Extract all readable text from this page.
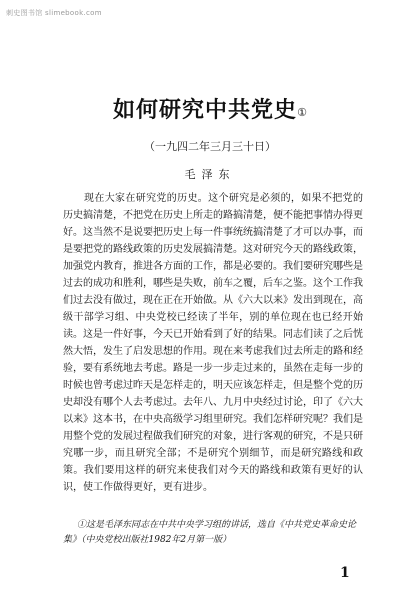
刺史图书馆 slimebook.com
如何研究中共党史①
（一九四二年三月三十日）
毛泽东

现在大家在研究党的历史。这个研究是必须的，如果不把党的历史搞清楚，不把党在历史上所走的路搞清楚，便不能把事情办得更好。这当然不是说要把历史上每一件事统统搞清楚了才可以办事，而是要把党的路线政策的历史发展搞清楚。这对研究今天的路线政策，加强党内教育，推进各方面的工作，都是必要的。我们要研究哪些是过去的成功和胜利，哪些是失败，前车之覆，后车之鉴。这个工作我们过去没有做过，现在正在开始做。从《六大以来》发出到现在，高级干部学习组、中央党校已经读了半年，别的单位现在也已经开始读。这是一件好事，今天已开始看到了好的结果。同志们读了之后恍然大悟，发生了启发思想的作用。现在来考虑我们过去所走的路和经验，要有系统地去考虑。路是一步一步走过来的，虽然在走每一步的时候也曾考虑过昨天是怎样走的，明天应该怎样走，但是整个党的历史却没有哪个人去考虑过。去年八、九月中央经过讨论，印了《六大以来》这本书，在中央高级学习组里研究。我们怎样研究呢？我们是用整个党的发展过程做我们研究的对象，进行客观的研究，不是只研究哪一步，而且研究全部；不是研究个别细节，而是研究路线和政策。我们要用这样的研究来使我们对今天的路线和政策有更好的认识，使工作做得更好，更有进步。

①这是毛泽东同志在中共中央学习组的讲话，选自《中共党史革命史论集》（中央党校出版社1982年2月第一版）

1
